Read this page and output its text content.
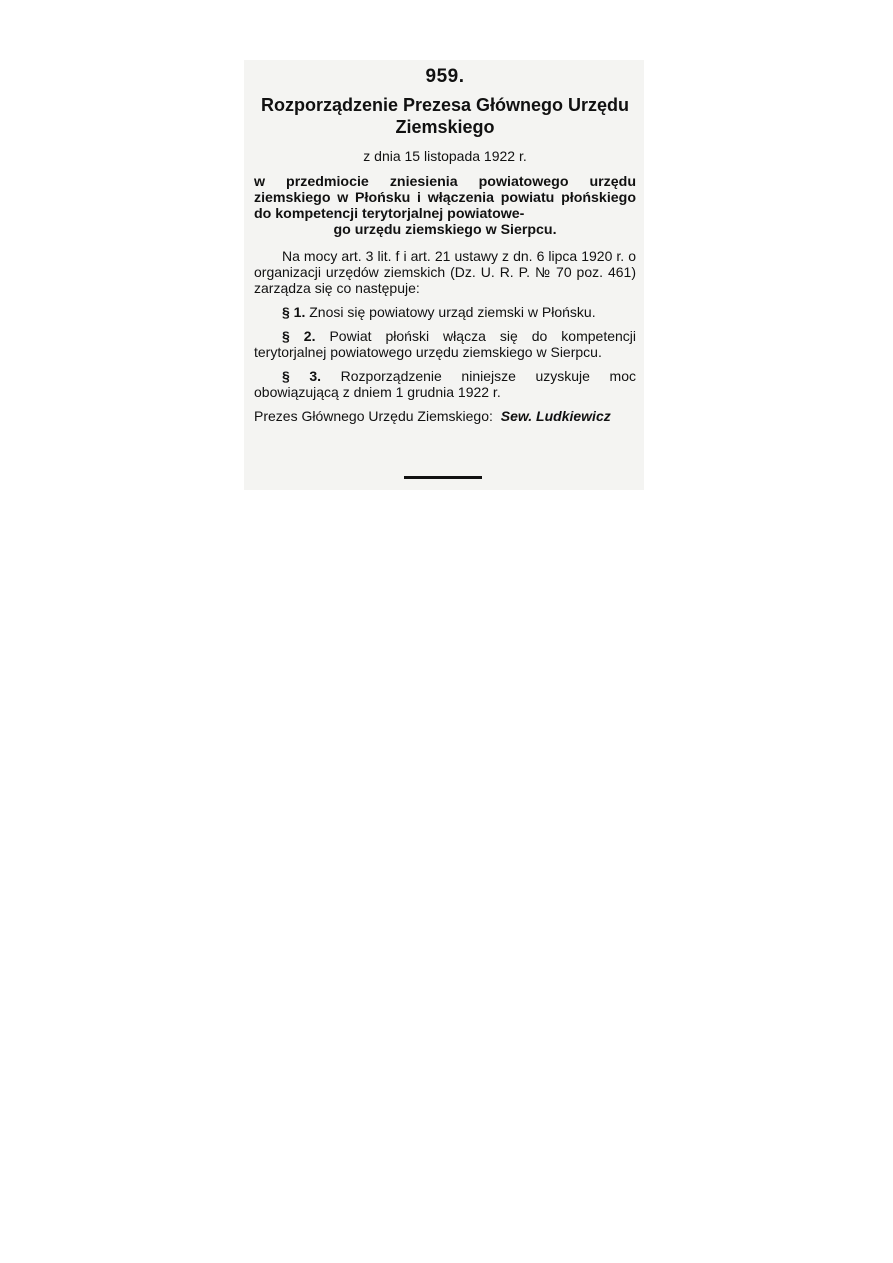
959.
Rozporządzenie Prezesa Głównego Urzędu Ziemskiego
z dnia 15 listopada 1922 r.
w przedmiocie zniesienia powiatowego urzędu ziemskiego w Płońsku i włączenia powiatu płońskiego do kompetencji terytorjalnej powiatowe-
go urzędu ziemskiego w Sierpcu.
Na mocy art. 3 lit. f i art. 21 ustawy z dn. 6 lipca 1920 r. o organizacji urzędów ziemskich (Dz. U. R. P. № 70 poz. 461) zarządza się co następuje:
§ 1. Znosi się powiatowy urząd ziemski w Płońsku.
§ 2. Powiat płoński włącza się do kompetencji terytorjalnej powiatowego urzędu ziemskiego w Sierpcu.
§ 3. Rozporządzenie niniejsze uzyskuje moc obowiązującą z dniem 1 grudnia 1922 r.
Prezes Głównego Urzędu Ziemskiego: Sew. Ludkiewicz
